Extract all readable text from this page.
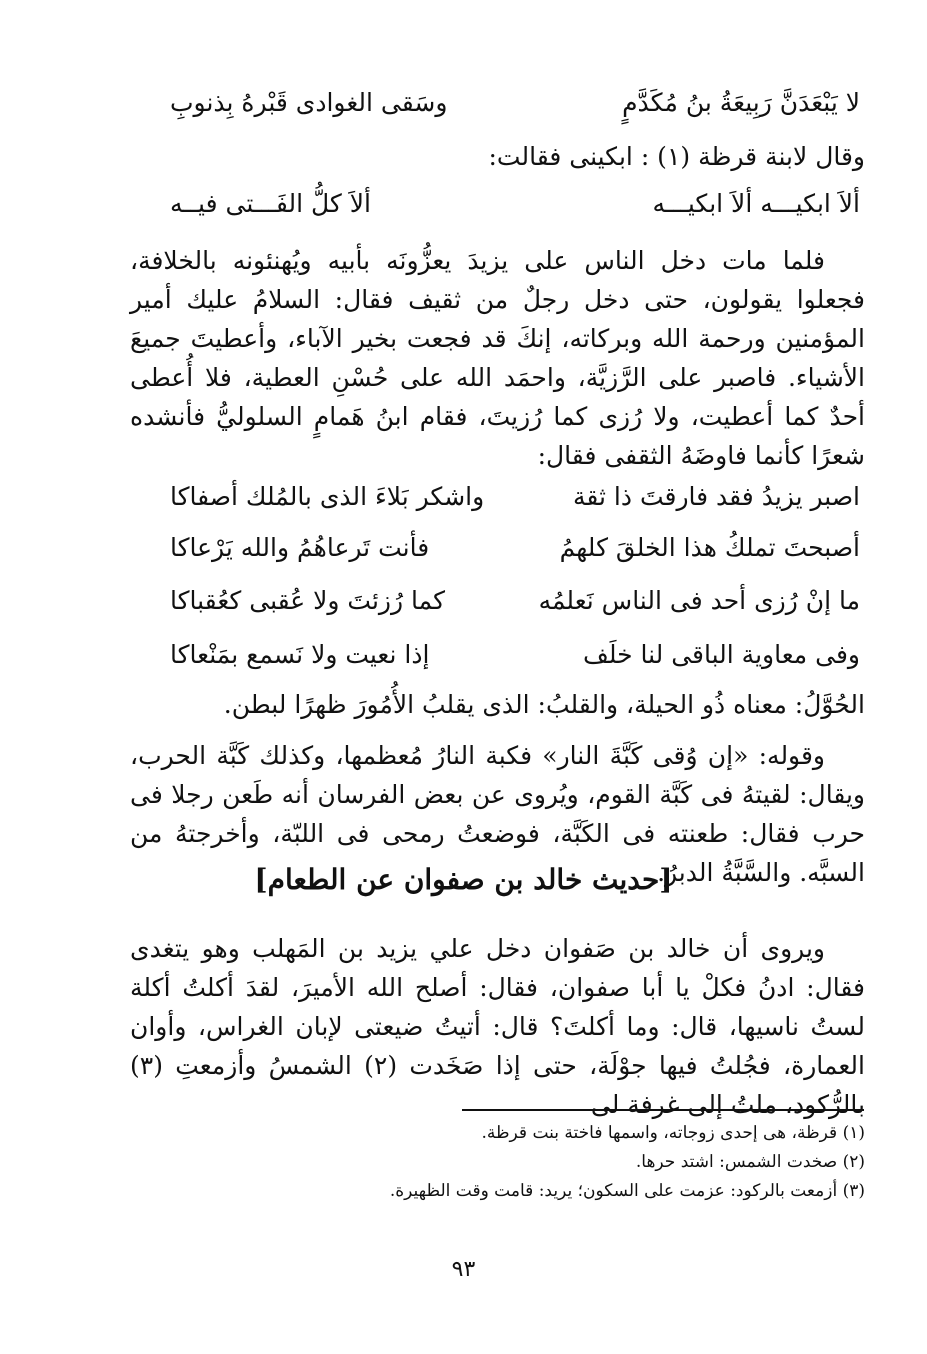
لا يَبْعَدَنَّ رَبِيعَةُ بنُ مُكَدَّمٍ
وسَقى الغوادى قَبْرهُ بِذنوبِ
وقال لابنة قرظة (١) : ابكينى فقالت:
ألاَ ابكيـــه ألاَ ابكيـــه
ألاَ كلُّ الفَـــتى فيــه

فلما مات دخل الناس على يزيدَ يعزُّونَه بأبيه ويُهنئونه بالخلافة، فجعلوا يقولون، حتى دخل رجلٌ من ثقيف فقال: السلامُ عليك أمير المؤمنين ورحمة الله وبركاته، إنكَ قد فجعت بخير الآباء، وأعطيتَ جميعَ الأشياء. فاصبر على الرَّزيَّة، واحمَد الله على حُسْنِ العطية، فلا أُعطى أحدٌ كما أعطيت، ولا رُزى كما رُزيتَ، فقام ابنُ هَمامٍ السلوليُّ فأنشده شعرًا كأنما فاوضَهُ الثقفى فقال:

اصبر يزيدُ فقد فارقتَ ذا ثقة
واشكر بَلاءَ الذى بالمُلك أصفاكا
أصبحتَ تملكُ هذا الخلقَ كلهمُ
فأنت تَرعاهُمُ والله يَرْعاكا
ما إنْ رُزى أحد فى الناس نَعلمُه
كما رُزئتَ ولا عُقبى كعُقباكا
وفى معاوية الباقى لنا خلَف
إذا نعيت ولا نَسمع بمَنْعاكا
الحُوَّلُ: معناه ذُو الحيلة، والقلبُ: الذى يقلبُ الأُمُورَ ظهرًا لبطن.

وقوله: «إن وُقى كَبَّةَ النار» فكبة النارُ مُعظمها، وكذلك كَبَّة الحرب، ويقال: لقيتهُ فى كَبَّة القوم، ويُروى عن بعض الفرسان أنه طَعن رجلا فى حرب فقال: طعنته فى الكَبَّة، فوضعتُ رمحى فى اللبّة، وأخرجتهُ من السبَّه. والسَّبَّةُ الدبرُ.

[حديث خالد بن صفوان عن الطعام]

ويروى أن خالد بن صَفوان دخل علي يزيد بن المَهلب وهو يتغدى فقال: ادنُ فكلْ يا أبا صفوان، فقال: أصلح الله الأميرَ، لقدَ أكلتُ أكلة لستُ ناسيها، قال: وما أكلتَ؟ قال: أتيتُ ضيعتى لإبان الغراس، وأوان العمارة، فجُلتُ فيها جوْلَة، حتى إذا صَخَدت (٢) الشمسُ وأزمعتِ (٣) بالرُّكود، ملتُ إلى غرفة لى

(١) قرظة، هى إحدى زوجاته، واسمها فاختة بنت قرظة.
(٢) صخدت الشمس: اشتد حرها.
(٣) أزمعت بالركود: عزمت على السكون؛ يريد: قامت وقت الظهيرة.
٩٣
